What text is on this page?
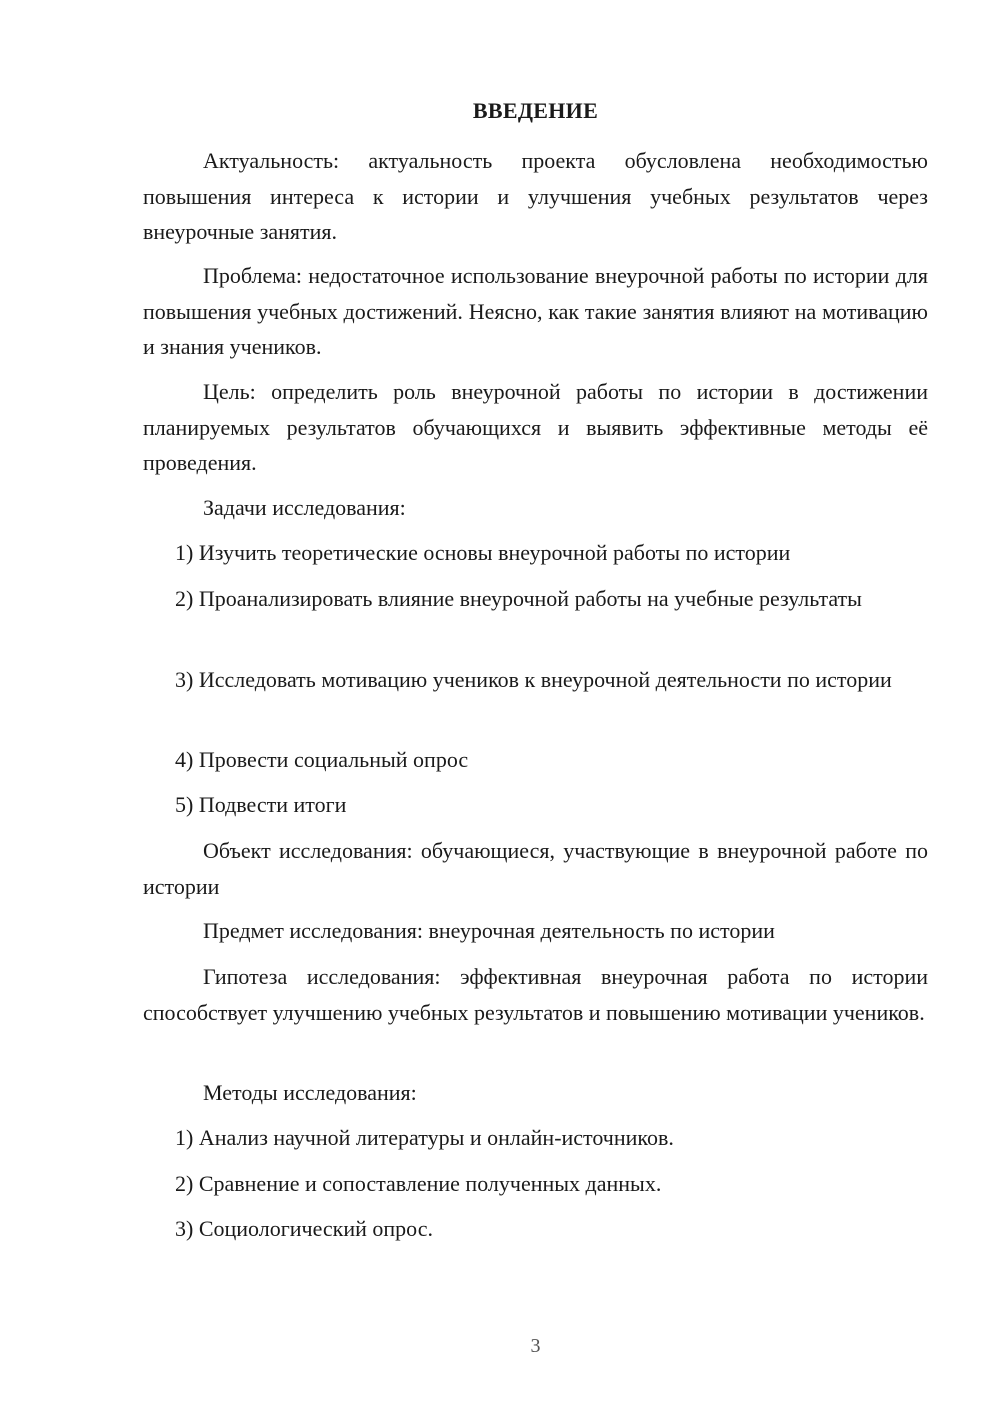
ВВЕДЕНИЕ

Актуальность: актуальность проекта обусловлена необходимостью повышения интереса к истории и улучшения учебных результатов через внеурочные занятия.

Проблема: недостаточное использование внеурочной работы по истории для повышения учебных достижений. Неясно, как такие занятия влияют на мотивацию и знания учеников.

Цель: определить роль внеурочной работы по истории в достижении планируемых результатов обучающихся и выявить эффективные методы её проведения.

Задачи исследования:

1) Изучить теоретические основы внеурочной работы по истории

2) Проанализировать влияние внеурочной работы на учебные результаты

3) Исследовать мотивацию учеников к внеурочной деятельности по истории

4) Провести социальный опрос

5) Подвести итоги

Объект исследования: обучающиеся, участвующие в внеурочной работе по истории

Предмет исследования: внеурочная деятельность по истории

Гипотеза исследования: эффективная внеурочная работа по истории способствует улучшению учебных результатов и повышению мотивации учеников.

Методы исследования:

1) Анализ научной литературы и онлайн-источников.

2) Сравнение и сопоставление полученных данных.

3) Социологический опрос.

3
